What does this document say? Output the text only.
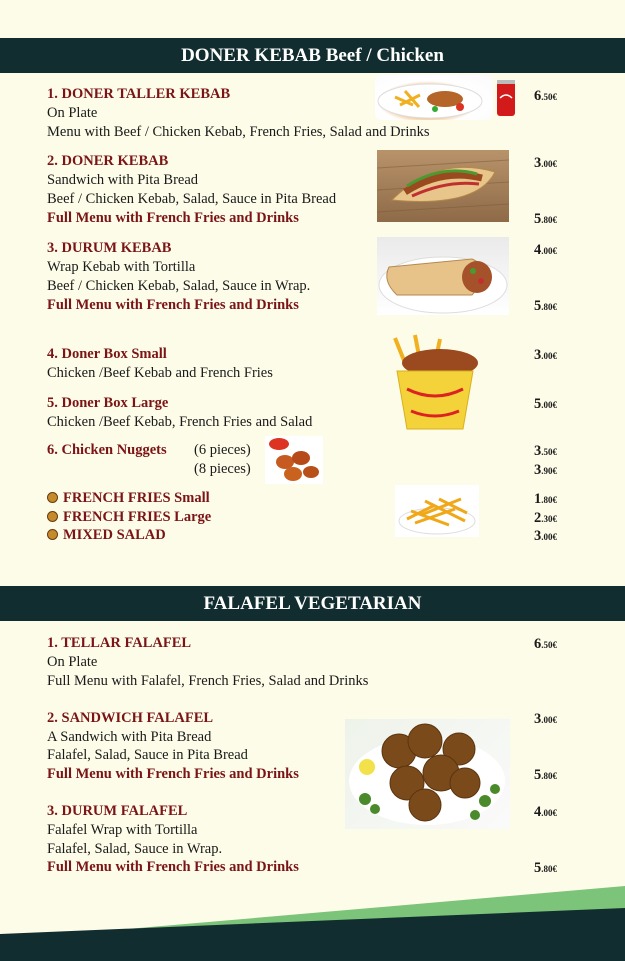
DONER KEBAB Beef / Chicken
1. DONER TALLER KEBAB
On Plate
Menu with Beef / Chicken Kebab, French Fries, Salad and Drinks
6.50€
2. DONER KEBAB
Sandwich with Pita Bread
Beef / Chicken Kebab, Salad, Sauce in Pita Bread
Full Menu with French Fries and Drinks
3.00€
5.80€
3. DURUM KEBAB
Wrap Kebab with Tortilla
Beef / Chicken Kebab, Salad, Sauce in Wrap.
Full Menu with French Fries and Drinks
4.00€
5.80€
4. Doner Box Small
Chicken /Beef Kebab and French Fries
3.00€
5. Doner Box Large
Chicken /Beef Kebab, French Fries and Salad
5.00€
6. Chicken Nuggets (6 pieces)
(8 pieces)
3.50€
3.90€
FRENCH FRIES Small
FRENCH FRIES Large
MIXED SALAD
1.80€
2.30€
3.00€
FALAFEL VEGETARIAN
1. TELLAR FALAFEL
On Plate
Full Menu with Falafel, French Fries, Salad and Drinks
6.50€
2. SANDWICH FALAFEL
A Sandwich with Pita Bread
Falafel, Salad, Sauce in Pita Bread
Full Menu with French Fries and Drinks
3.00€
5.80€
3. DURUM FALAFEL
Falafel Wrap with Tortilla
Falafel, Salad, Sauce in Wrap.
Full Menu with French Fries and Drinks
4.00€
5.80€
